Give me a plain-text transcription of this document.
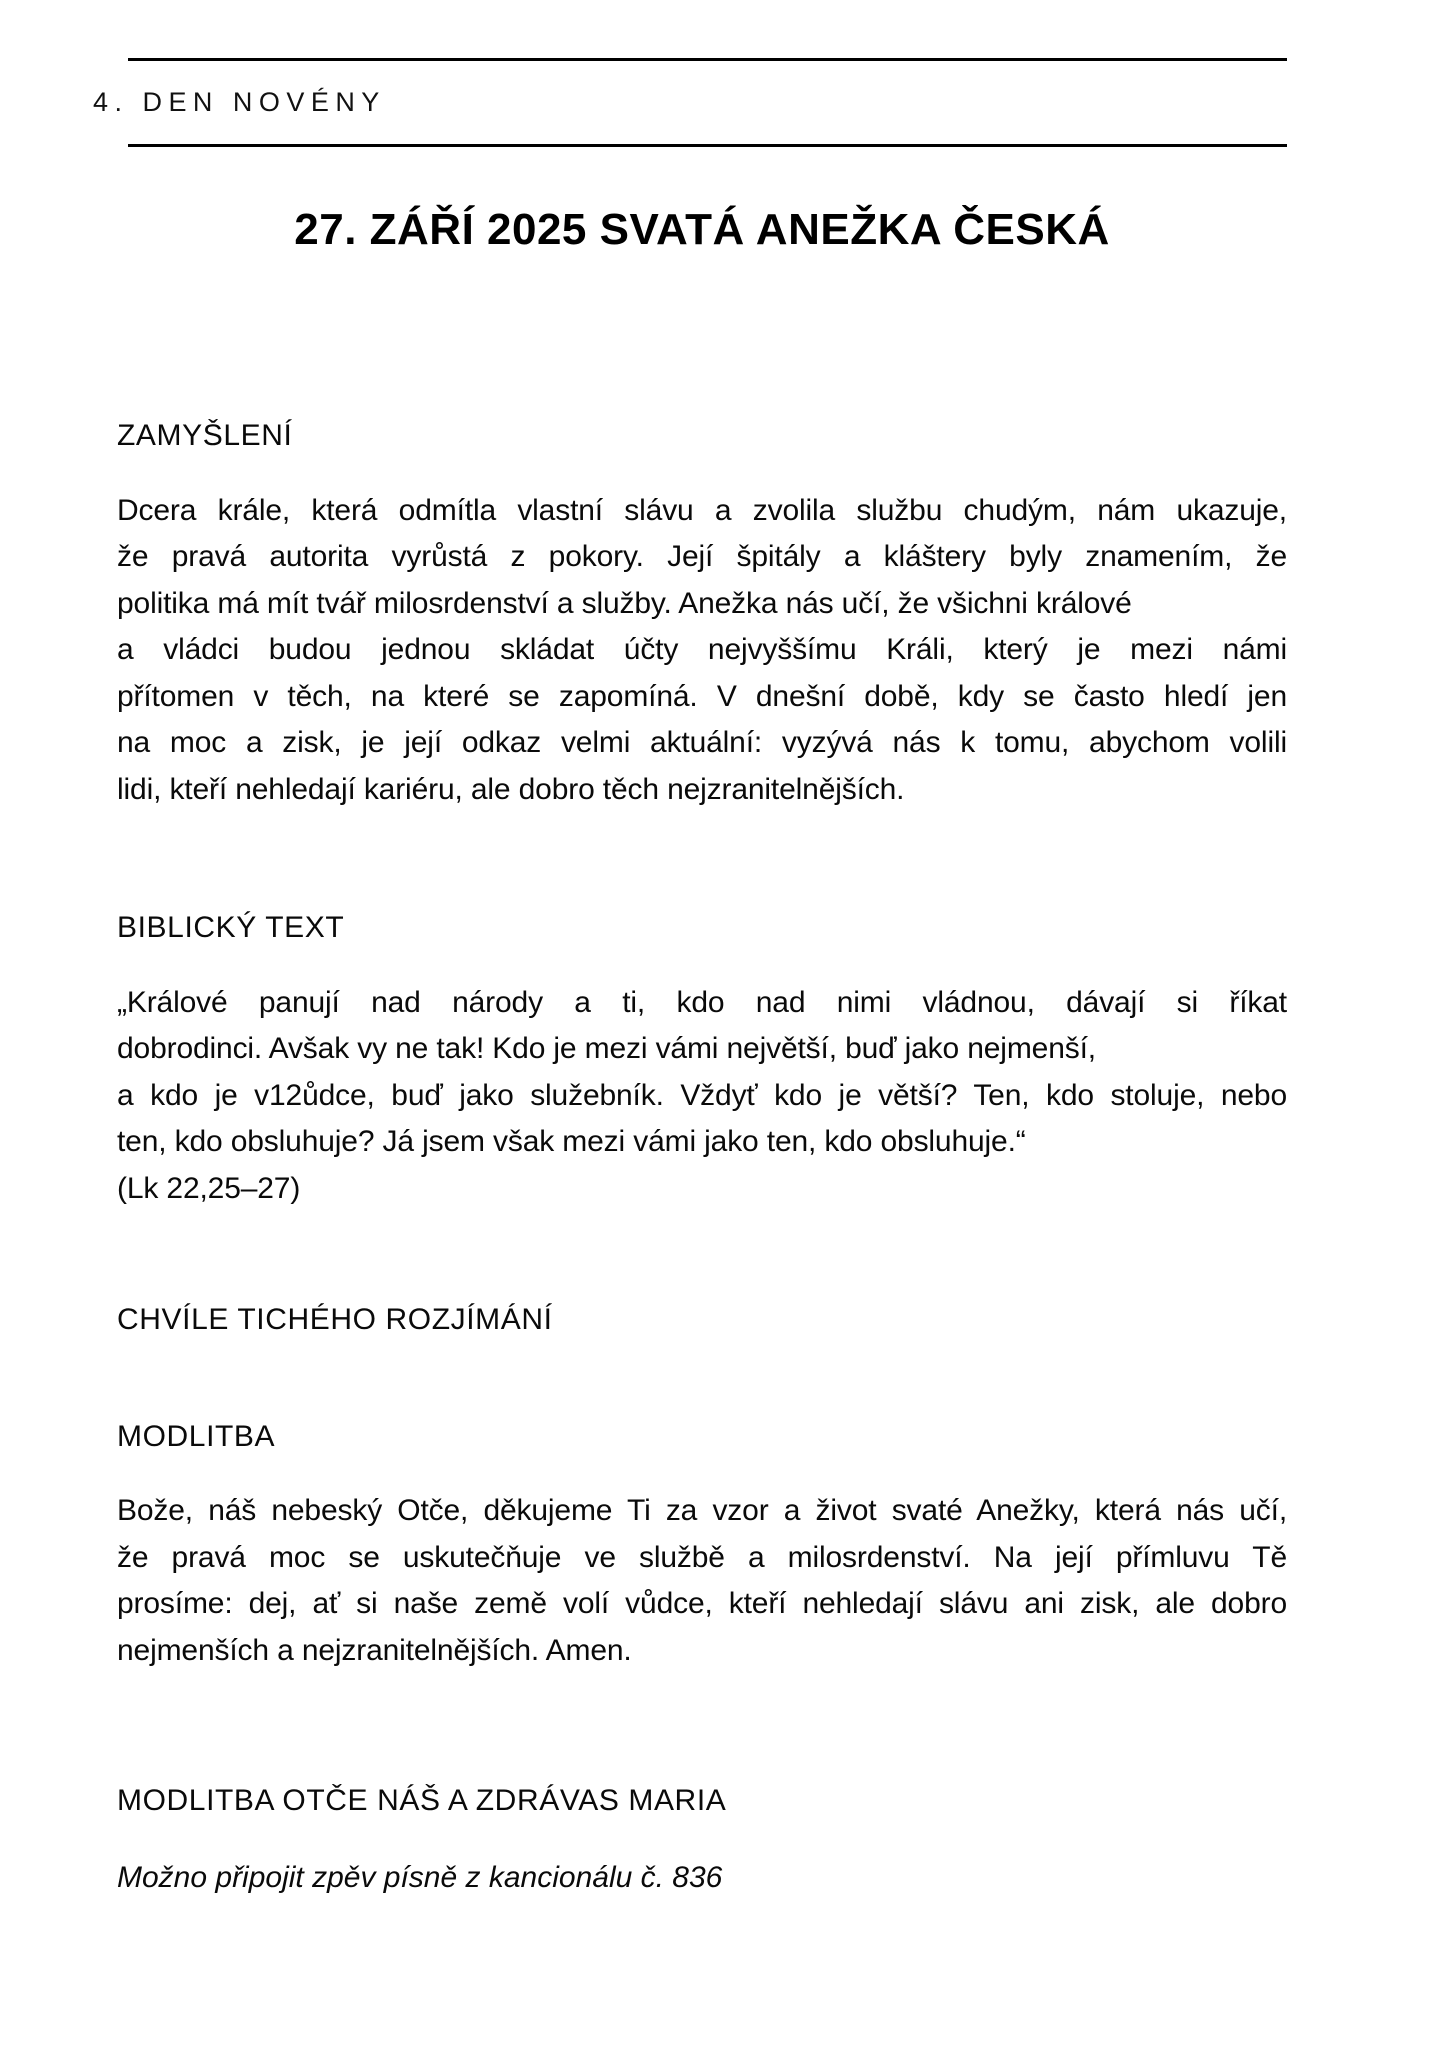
4. DEN NOVÉNY
27. ZÁŘÍ 2025 SVATÁ ANEŽKA ČESKÁ
ZAMYŠLENÍ
Dcera krále, která odmítla vlastní slávu a zvolila službu chudým, nám ukazuje,
že pravá autorita vyrůstá z pokory. Její špitály a kláštery byly znamením, že
politika má mít tvář milosrdenství a služby. Anežka nás učí, že všichni králové
a vládci budou jednou skládat účty nejvyššímu Králi, který je mezi námi
přítomen v těch, na které se zapomíná. V dnešní době, kdy se často hledí jen
na moc a zisk, je její odkaz velmi aktuální: vyzývá nás k tomu, abychom volili
lidi, kteří nehledají kariéru, ale dobro těch nejzranitelnějších.
BIBLICKÝ TEXT
„Králové panují nad národy a ti, kdo nad nimi vládnou, dávají si říkat
dobrodinci. Avšak vy ne tak! Kdo je mezi vámi největší, buď jako nejmenší,
a kdo je v12ůdce, buď jako služebník. Vždyť kdo je větší? Ten, kdo stoluje, nebo
ten, kdo obsluhuje? Já jsem však mezi vámi jako ten, kdo obsluhuje.“
(Lk 22,25–27)
CHVÍLE TICHÉHO ROZJÍMÁNÍ
MODLITBA
Bože, náš nebeský Otče, děkujeme Ti za vzor a život svaté Anežky, která nás učí,
že pravá moc se uskutečňuje ve službě a milosrdenství. Na její přímluvu Tě
prosíme: dej, ať si naše země volí vůdce, kteří nehledají slávu ani zisk, ale dobro
nejmenších a nejzranitelnějších. Amen.
MODLITBA OTČE NÁŠ A ZDRÁVAS MARIA

Možno připojit zpěv písně z kancionálu č. 836
